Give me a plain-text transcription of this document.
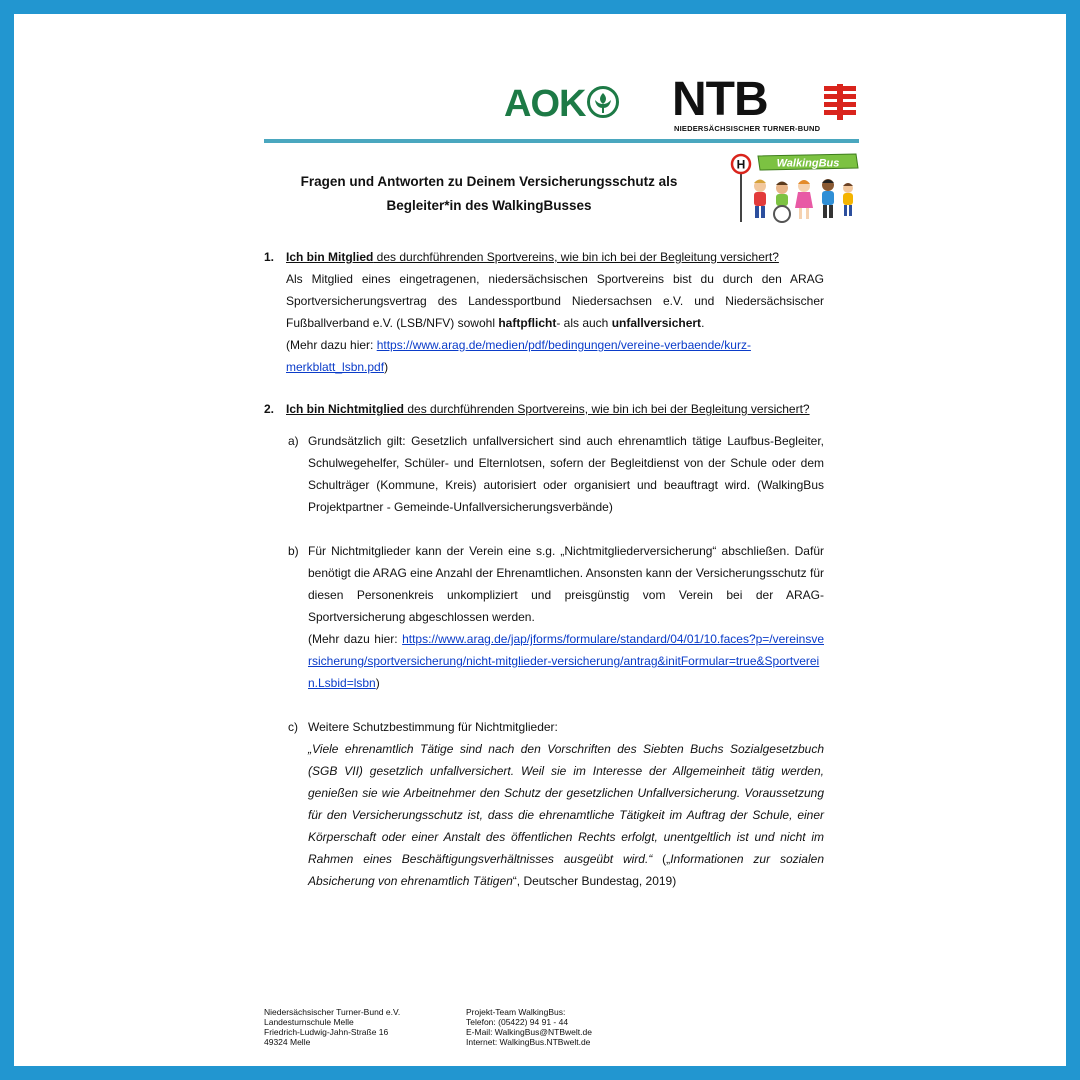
AOK NTB
NIEDERSÄCHSISCHER TURNER-BUND
Fragen und Antworten zu Deinem Versicherungsschutz als
Begleiter*in des WalkingBusses
H	WalkingBus
1. Ich bin Mitglied des durchführenden Sportvereins, wie bin ich bei der Begleitung versichert?
Als Mitglied eines eingetragenen, niedersächsischen Sportvereins bist du durch den ARAG Sportversicherungsvertrag des Landessportbund Niedersachsen e.V. und Niedersächsischer Fußballverband e.V. (LSB/NFV) sowohl haftpflicht- als auch unfallversichert.
(Mehr dazu hier: https://www.arag.de/medien/pdf/bedingungen/vereine-verbaende/kurz-merkblatt_lsbn.pdf)
2. Ich bin Nichtmitglied des durchführenden Sportvereins, wie bin ich bei der Begleitung versichert?
a) Grundsätzlich gilt: Gesetzlich unfallversichert sind auch ehrenamtlich tätige Laufbus-Begleiter, Schulwegehelfer, Schüler- und Elternlotsen, sofern der Begleitdienst von der Schule oder dem Schulträger (Kommune, Kreis) autorisiert oder organisiert und beauftragt wird. (WalkingBus Projektpartner - Gemeinde-Unfallversicherungsverbände)
b) Für Nichtmitglieder kann der Verein eine s.g. „Nichtmitgliederversicherung“ abschließen. Dafür benötigt die ARAG eine Anzahl der Ehrenamtlichen. Ansonsten kann der Versicherungsschutz für diesen Personenkreis unkompliziert und preisgünstig vom Verein bei der ARAG-Sportversicherung abgeschlossen werden.
(Mehr dazu hier: https://www.arag.de/jap/jforms/formulare/standard/04/01/10.faces?p=/vereinsversicherung/sportversicherung/nicht-mitglieder-versicherung/antrag&initFormular=true&Sportverein.Lsbid=lsbn)
c) Weitere Schutzbestimmung für Nichtmitglieder:
„Viele ehrenamtlich Tätige sind nach den Vorschriften des Siebten Buchs Sozialgesetzbuch (SGB VII) gesetzlich unfallversichert. Weil sie im Interesse der Allgemeinheit tätig werden, genießen sie wie Arbeitnehmer den Schutz der gesetzlichen Unfallversicherung. Voraussetzung für den Versicherungsschutz ist, dass die ehrenamtliche Tätigkeit im Auftrag der Schule, einer Körperschaft oder einer Anstalt des öffentlichen Rechts erfolgt, unentgeltlich ist und nicht im Rahmen eines Beschäftigungsverhältnisses ausgeübt wird.“ („Informationen zur sozialen Absicherung von ehrenamtlich Tätigen“, Deutscher Bundestag, 2019)
Niedersächsischer Turner-Bund e.V.
Landesturnschule Melle
Friedrich-Ludwig-Jahn-Straße 16
49324 Melle
Projekt-Team WalkingBus:
Telefon: (05422) 94 91 - 44
E-Mail: WalkingBus@NTBwelt.de
Internet: WalkingBus.NTBwelt.de
